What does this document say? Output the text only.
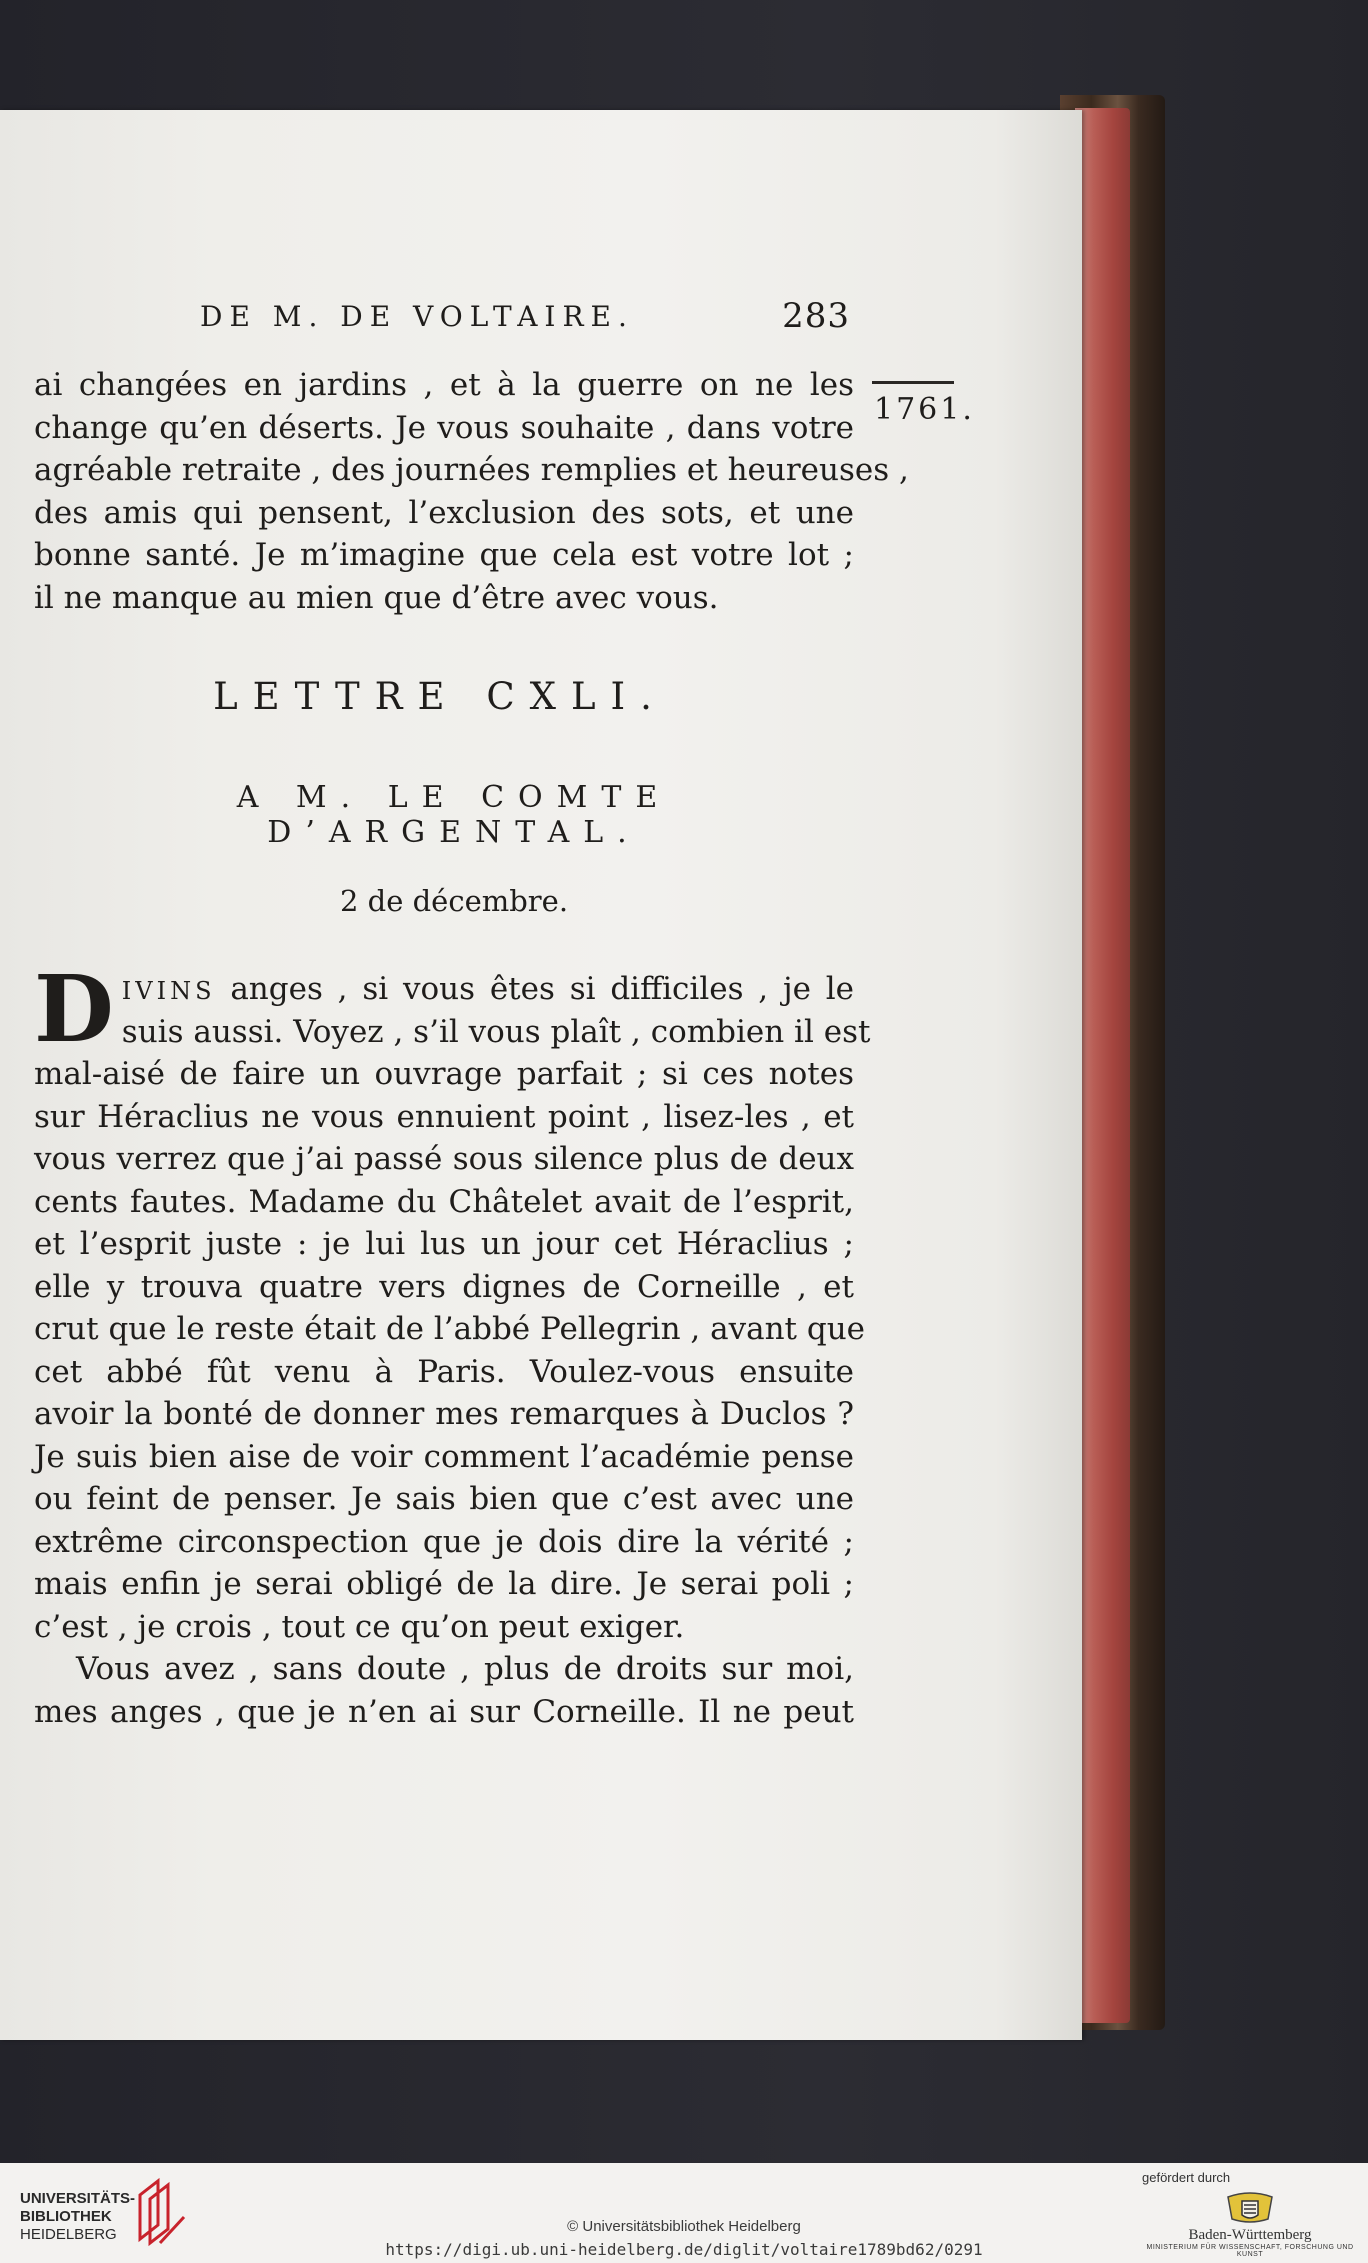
DE M. DE VOLTAIRE.	283
1761.
ai changées en jardins , et à la guerre on ne les
change qu’en déserts. Je vous souhaite , dans votre
agréable retraite , des journées remplies et heureuses ,
des amis qui pensent, l’exclusion des sots, et une
bonne santé. Je m’imagine que cela est votre lot ;
il ne manque au mien que d’être avec vous.
LETTRE CXLI.
A M. LE COMTE D’ARGENTAL.
2 de décembre.
DIVINS anges , si vous êtes si difficiles , je le
suis aussi. Voyez , s’il vous plaît , combien il est
mal-aisé de faire un ouvrage parfait ; si ces notes
sur Héraclius ne vous ennuient point , lisez-les , et
vous verrez que j’ai passé sous silence plus de deux
cents fautes. Madame du Châtelet avait de l’esprit,
et l’esprit juste : je lui lus un jour cet Héraclius ;
elle y trouva quatre vers dignes de Corneille , et
crut que le reste était de l’abbé Pellegrin , avant que
cet abbé fût venu à Paris. Voulez-vous ensuite
avoir la bonté de donner mes remarques à Duclos ?
Je suis bien aise de voir comment l’académie pense
ou feint de penser. Je sais bien que c’est avec une
extrême circonspection que je dois dire la vérité ;
mais enfin je serai obligé de la dire. Je serai poli ;
c’est , je crois , tout ce qu’on peut exiger.
Vous avez , sans doute , plus de droits sur moi,
mes anges , que je n’en ai sur Corneille. Il ne peut
UNIVERSITÄTS-
BIBLIOTHEK
HEIDELBERG	© Universitätsbibliothek Heidelberg
https://digi.ub.uni-heidelberg.de/diglit/voltaire1789bd62/0291
gefördert durch
Baden-Württemberg
MINISTERIUM FÜR WISSENSCHAFT, FORSCHUNG UND KUNST
